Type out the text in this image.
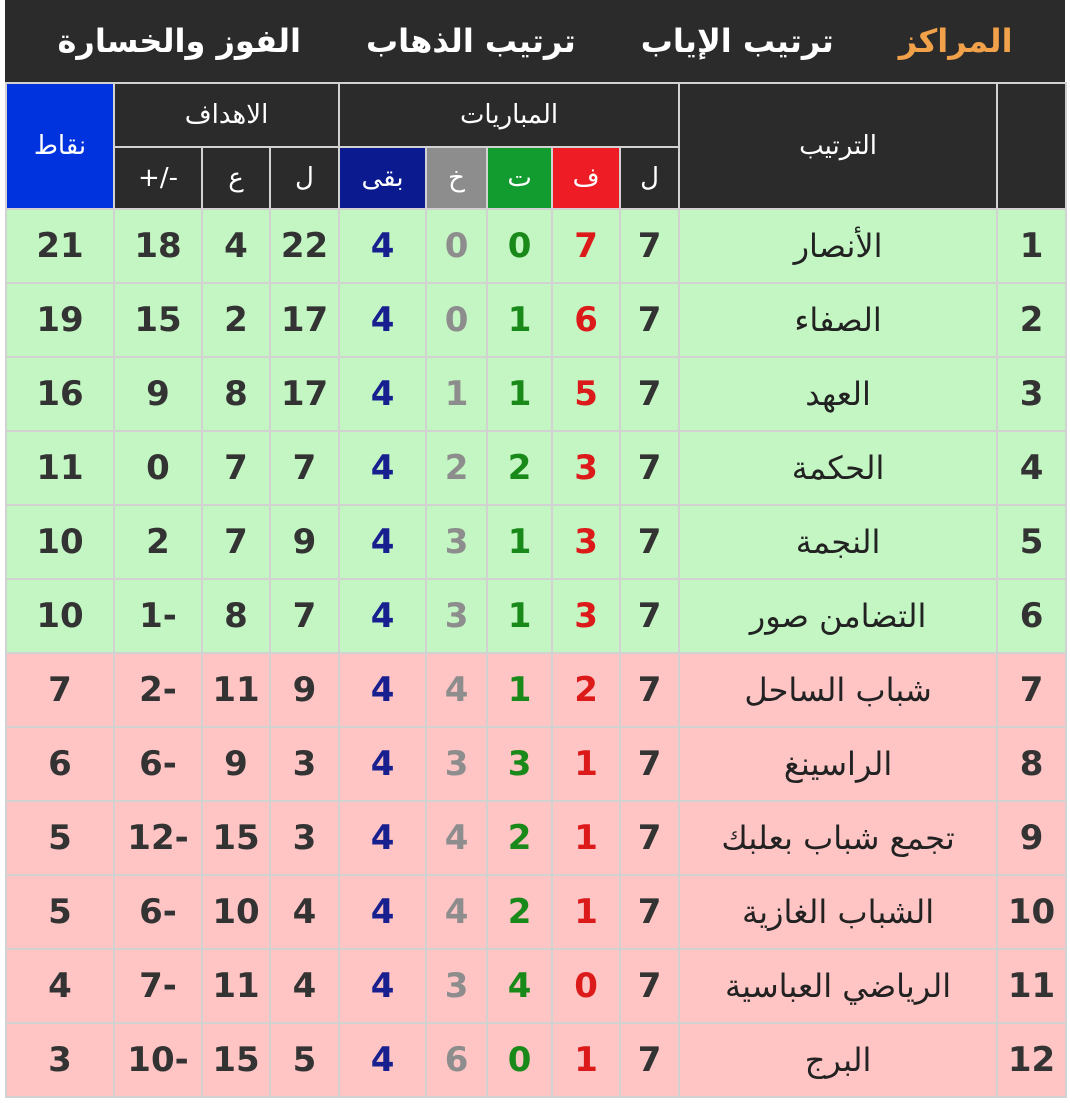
المراكز
ترتيب الإياب
ترتيب الذهاب
الفوز والخسارة
	الترتيب	المباريات					الاهداف			نقاط
		ل	ف	ت	خ	بقى	ل	ع	+/-	
1	الأنصار	7	7	0	0	4	22	4	18	21
2	الصفاء	7	6	1	0	4	17	2	15	19
3	العهد	7	5	1	1	4	17	8	9	16
4	الحكمة	7	3	2	2	4	7	7	0	11
5	النجمة	7	3	1	3	4	9	7	2	10
6	التضامن صور	7	3	1	3	4	7	8	1-	10
7	شباب الساحل	7	2	1	4	4	9	11	2-	7
8	الراسينغ	7	1	3	3	4	3	9	6-	6
9	تجمع شباب بعلبك	7	1	2	4	4	3	15	12-	5
10	الشباب الغازية	7	1	2	4	4	4	10	6-	5
11	الرياضي العباسية	7	0	4	3	4	4	11	7-	4
12	البرج	7	1	0	6	4	5	15	10-	3
